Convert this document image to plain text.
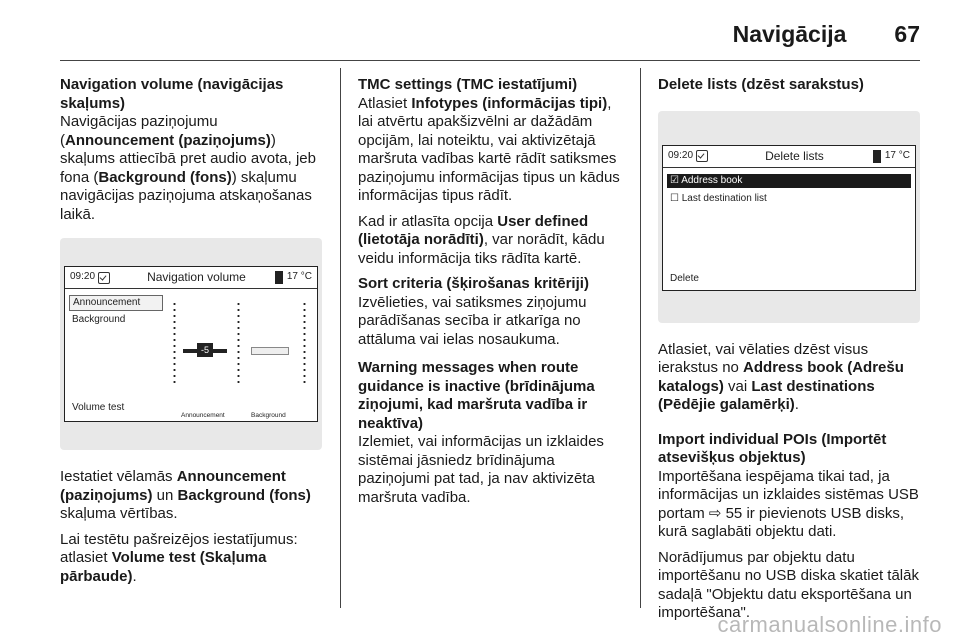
Navigācija 67

Navigation volume (navigācijas skaļums)

Navigācijas paziņojumu (Announcement (paziņojums)) skaļums attiecībā pret audio avota, jeb fona (Background (fons)) skaļumu navigācijas paziņojuma atskaņošanas laikā.

09:20	Navigation volume	17 °C
Announcement
Background
Volume test
-5
Announcement	Background

Iestatiet vēlamās Announcement (paziņojums) un Background (fons) skaļuma vērtības.

Lai testētu pašreizējos iestatījumus: atlasiet Volume test (Skaļuma pārbaude).

TMC settings (TMC iestatījumi)

Atlasiet Infotypes (informācijas tipi), lai atvērtu apakšizvēlni ar dažādām opcijām, lai noteiktu, vai aktivizētajā maršruta vadības kartē rādīt satiksmes paziņojumu informācijas tipus un kādus informācijas tipus rādīt.

Kad ir atlasīta opcija User defined (lietotāja norādīti), var norādīt, kādu veidu informācija tiks rādīta kartē.

Sort criteria (šķirošanas kritēriji)

Izvēlieties, vai satiksmes ziņojumu parādīšanas secība ir atkarīga no attāluma vai ielas nosaukuma.

Warning messages when route guidance is inactive (brīdinājuma ziņojumi, kad maršruta vadība ir neaktīva)

Izlemiet, vai informācijas un izklaides sistēmai jāsniedz brīdinājuma paziņojumi pat tad, ja nav aktivizēta maršruta vadība.

Delete lists (dzēst sarakstus)

09:20	Delete lists	17 °C
☑ Address book
☐ Last destination list
Delete

Atlasiet, vai vēlaties dzēst visus ierakstus no Address book (Adrešu katalogs) vai Last destinations (Pēdējie galamērķi).

Import individual POIs (Importēt atsevišķus objektus)

Importēšana iespējama tikai tad, ja informācijas un izklaides sistēmas USB portam ⇨ 55 ir pievienots USB disks, kurā saglabāti objektu dati.

Norādījumus par objektu datu importēšanu no USB diska skatiet tālāk sadaļā "Objektu datu eksportēšana un importēšana".

carmanualsonline.info
